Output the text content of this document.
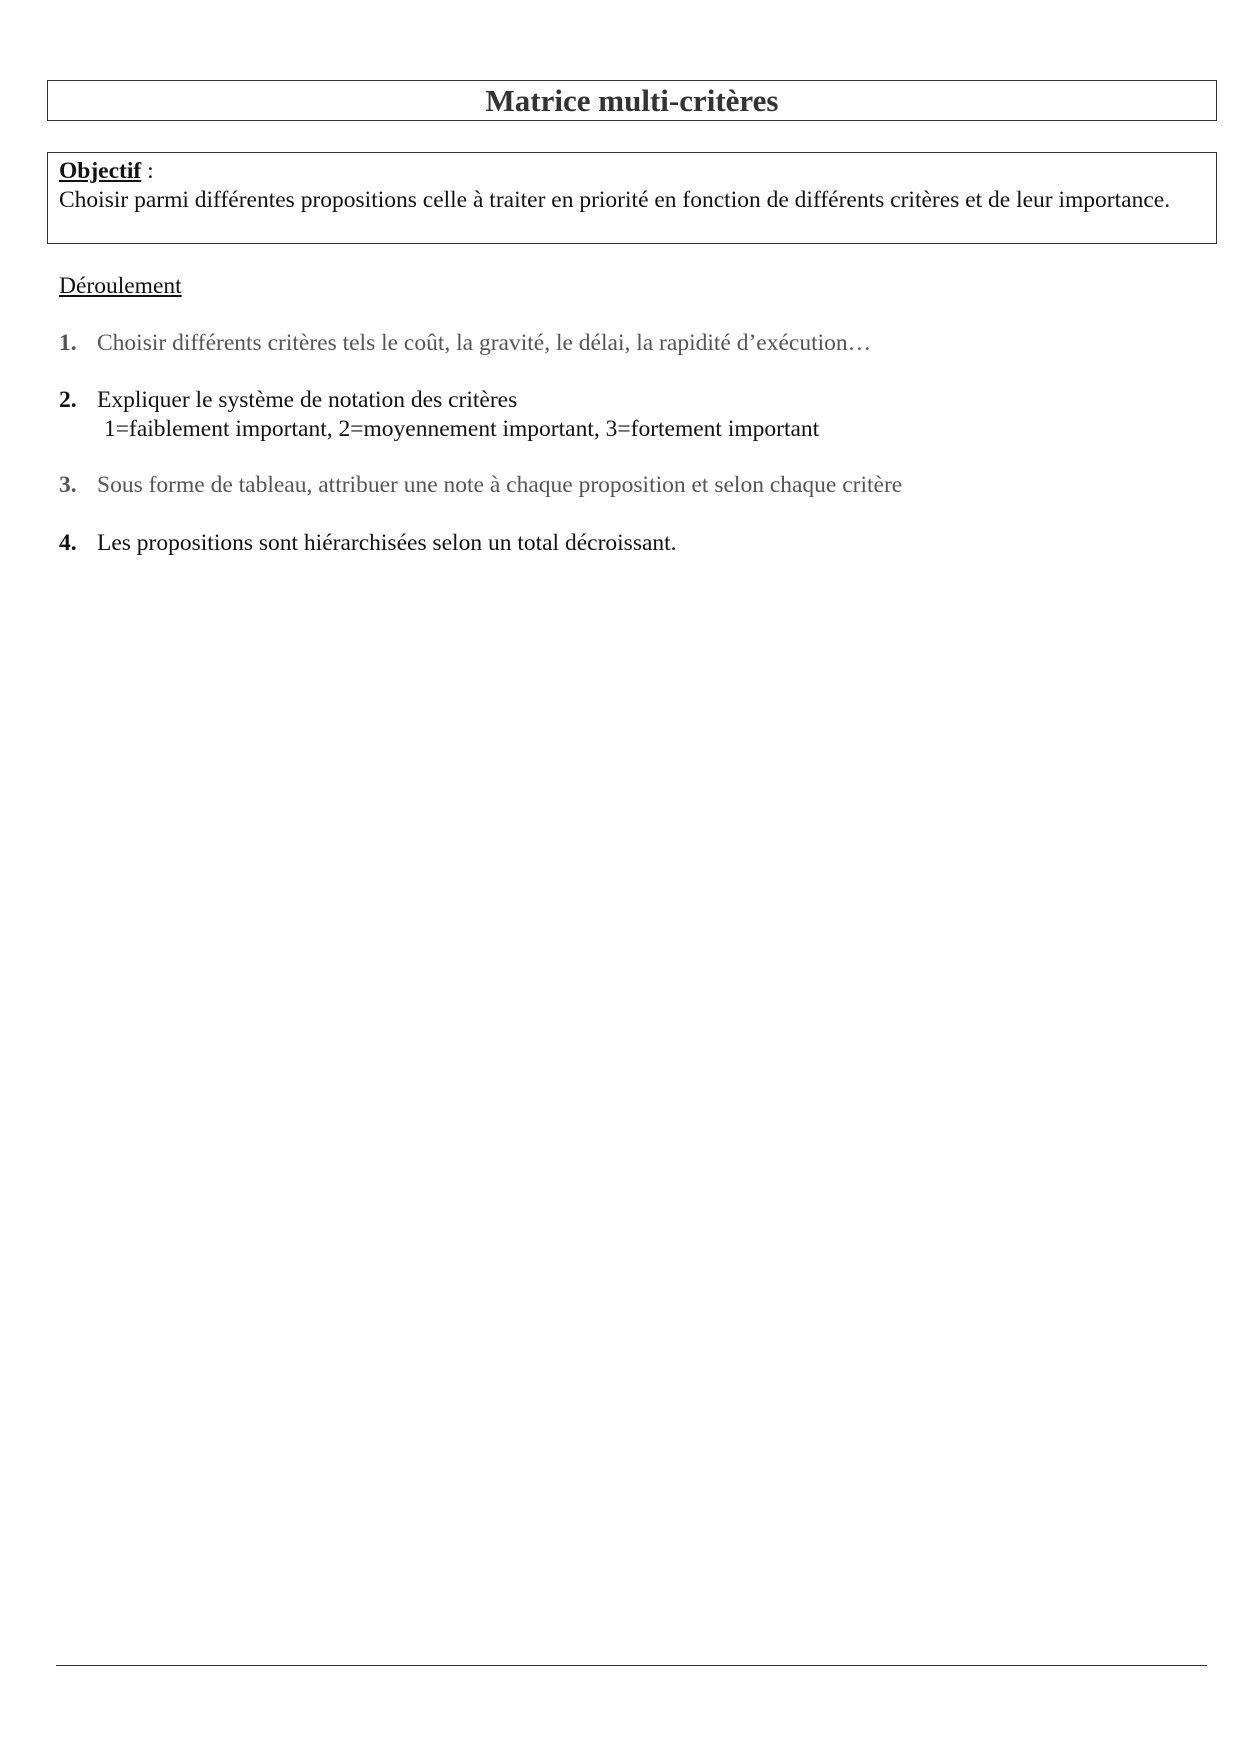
Matrice multi-critères
Objectif :
Choisir parmi différentes propositions celle à traiter en priorité en fonction de différents critères et de leur importance.
Déroulement
1. Choisir différents critères tels le coût, la gravité, le délai, la rapidité d’exécution…
2. Expliquer le système de notation des critères
1=faiblement important, 2=moyennement important, 3=fortement important
3. Sous forme de tableau, attribuer une note à chaque proposition et selon chaque critère
4. Les propositions sont hiérarchisées selon un total décroissant.
